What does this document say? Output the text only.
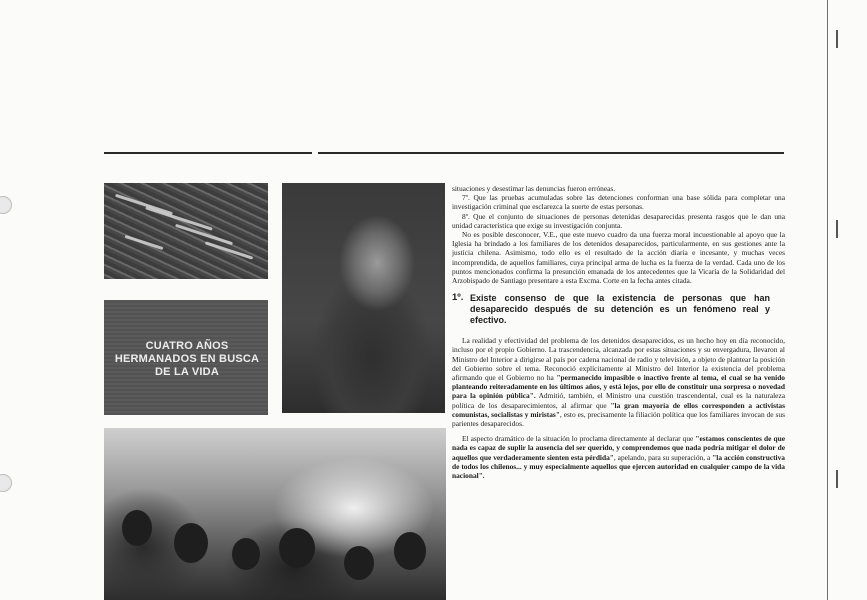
CUATRO AÑOS
HERMANADOS EN BUSCA
DE LA VIDA

situaciones y desestimar las denuncias fueron erróneas.

7º. Que las pruebas acumuladas sobre las detenciones conforman una base sólida para completar una investigación criminal que esclarezca la suerte de estas personas.

8º. Que el conjunto de situaciones de personas detenidas desaparecidas presenta rasgos que le dan una unidad característica que exige su investigación conjunta.

No es posible desconocer, V.E., que este nuevo cuadro da una fuerza moral incuestionable al apoyo que la Iglesia ha brindado a los familiares de los detenidos desaparecidos, particularmente, en sus gestiones ante la justicia chilena. Asimismo, todo ello es el resultado de la acción diaria e incesante, y muchas veces incomprendida, de aquellos familiares, cuya principal arma de lucha es la fuerza de la verdad. Cada uno de los puntos mencionados confirma la presunción emanada de los antecedentes que la Vicaría de la Solidaridad del Arzobispado de Santiago presentare a esta Excma. Corte en la fecha antes citada.

1º. Existe consenso de que la existencia de personas que han desaparecido después de su detención es un fenómeno real y efectivo.

La realidad y efectividad del problema de los detenidos desaparecidos, es un hecho hoy en día reconocido, incluso por el propio Gobierno. La trascendencia, alcanzada por estas situaciones y su envergadura, llevaron al Ministro del Interior a dirigirse al país por cadena nacional de radio y televisión, a objeto de plantear la posición del Gobierno sobre el tema. Reconoció explícitamente al Ministro del Interior la existencia del problema afirmando que el Gobierno no ha "permanecido impasible o inactivo frente al tema, el cual se ha venido planteando reiteradamente en los últimos años, y está lejos, por ello de constituir una sorpresa o novedad para la opinión pública". Admitió, también, el Ministro una cuestión trascendental, cual es la naturaleza política de los desaparecimientos, al afirmar que "la gran mayoría de ellos corresponden a activistas comunistas, socialistas y miristas", esto es, precisamente la filiación política que los familiares invocan de sus parientes desaparecidos.

El aspecto dramático de la situación lo proclama directamente al declarar que "estamos conscientes de que nada es capaz de suplir la ausencia del ser querido, y comprendemos que nada podría mitigar el dolor de aquellos que verdaderamente sienten esta pérdida", apelando, para su superación, a "la acción constructiva de todos los chilenos... y muy especialmente aquellos que ejercen autoridad en cualquier campo de la vida nacional".
